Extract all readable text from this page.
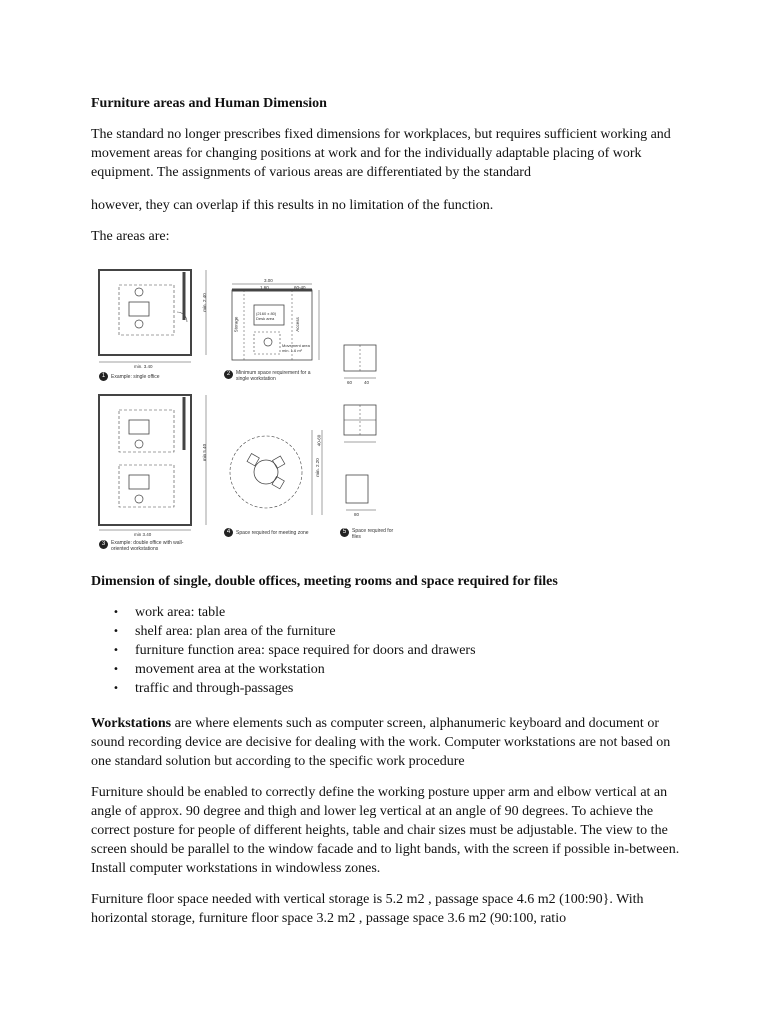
Furniture areas and Human Dimension

The standard no longer prescribes fixed dimensions for workplaces, but requires sufficient working and movement areas for changing positions at work and for the individually adaptable placing of work equipment. The assignments of various areas are differentiated by the standard

however, they can overlap if this results in no limitation of the function.

The areas are:

min. 2.40
min. 3.40
min 3.40
min 5.40
3.00
1.60	60-40
(2160 x 80) Desk area
Movement area min. 1.6 m²
Storage	Access
60	40
80
min. 2.20
40-60
1	Example: single office	2	Minimum space requirement for a single workstation
3	Example: double office with wall-oriented workstations
4	Space required for meeting zone	5	Space required for files

Dimension of single, double offices, meeting rooms and space required for files

• work area: table
• shelf area: plan area of the furniture
• furniture function area: space required for doors and drawers
• movement area at the workstation
• traffic and through-passages

Workstations are where elements such as computer screen, alphanumeric keyboard and document or sound recording device are decisive for dealing with the work. Computer workstations are not based on one standard solution but according to the specific work procedure

Furniture should be enabled to correctly define the working posture upper arm and elbow vertical at an angle of approx. 90 degree and thigh and lower leg vertical at an angle of 90 degrees. To achieve the correct posture for people of different heights, table and chair sizes must be adjustable. The view to the screen should be parallel to the window facade and to light bands, with the screen if possible in-between. Install computer workstations in windowless zones.

Furniture floor space needed with vertical storage is 5.2 m2 , passage space 4.6 m2 (100:90}. With horizontal storage, furniture floor space 3.2 m2 , passage space 3.6 m2 (90:100, ratio
